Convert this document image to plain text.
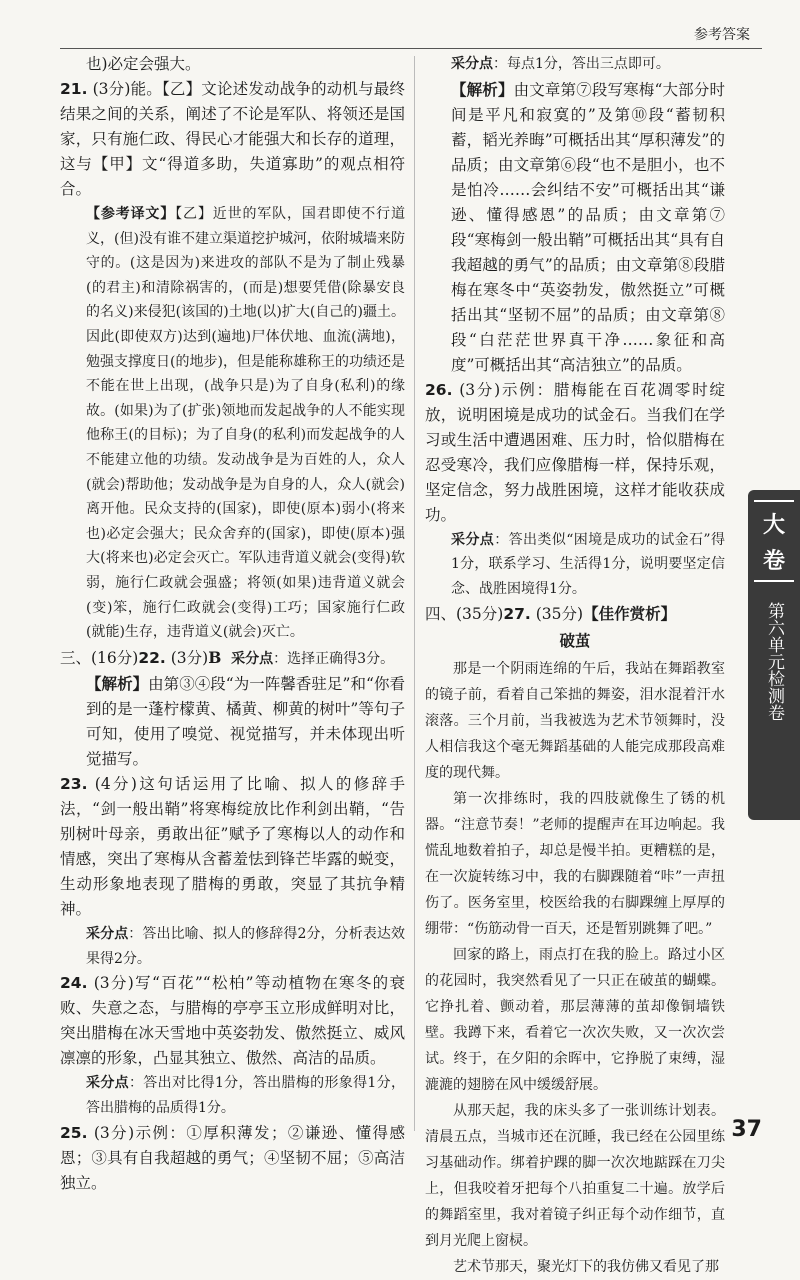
参考答案

也)必定会强大。

21. (3分)能。【乙】文论述发动战争的动机与最终结果之间的关系，阐述了不论是军队、将领还是国家，只有施仁政、得民心才能强大和长存的道理，这与【甲】文“得道多助，失道寡助”的观点相符合。

【参考译文】【乙】近世的军队，国君即使不行道义，(但)没有谁不建立渠道挖护城河，依附城墙来防守的。(这是因为)来进攻的部队不是为了制止残暴(的君主)和清除祸害的，(而是)想要凭借(除暴安良的名义)来侵犯(该国的)土地(以)扩大(自己的)疆土。因此(即使双方)达到(遍地)尸体伏地、血流(满地)，勉强支撑度日(的地步)，但是能称雄称王的功绩还是不能在世上出现，(战争只是)为了自身(私利)的缘故。(如果)为了(扩张)领地而发起战争的人不能实现他称王(的目标)；为了自身(的私利)而发起战争的人不能建立他的功绩。发动战争是为百姓的人，众人(就会)帮助他；发动战争是为自身的人，众人(就会)离开他。民众支持的(国家)，即使(原本)弱小(将来也)必定会强大；民众舍弃的(国家)，即使(原本)强大(将来也)必定会灭亡。军队违背道义就会(变得)软弱，施行仁政就会强盛；将领(如果)违背道义就会(变)笨，施行仁政就会(变得)工巧；国家施行仁政(就能)生存，违背道义(就会)灭亡。

三、(16分)22. (3分)B 采分点：选择正确得3分。

【解析】由第③④段“为一阵馨香驻足”和“你看到的是一蓬柠檬黄、橘黄、柳黄的树叶”等句子可知，使用了嗅觉、视觉描写，并未体现出听觉描写。

23. (4分)这句话运用了比喻、拟人的修辞手法，“剑一般出鞘”将寒梅绽放比作利剑出鞘，“告别树叶母亲，勇敢出征”赋予了寒梅以人的动作和情感，突出了寒梅从含蓄羞怯到锋芒毕露的蜕变，生动形象地表现了腊梅的勇敢，突显了其抗争精神。

采分点：答出比喻、拟人的修辞得2分，分析表达效果得2分。

24. (3分)写“百花”“松柏”等动植物在寒冬的衰败、失意之态，与腊梅的亭亭玉立形成鲜明对比，突出腊梅在冰天雪地中英姿勃发、傲然挺立、威风凛凛的形象，凸显其独立、傲然、高洁的品质。

采分点：答出对比得1分，答出腊梅的形象得1分，答出腊梅的品质得1分。

25. (3分)示例：①厚积薄发；②谦逊、懂得感恩；③具有自我超越的勇气；④坚韧不屈；⑤高洁独立。

采分点：每点1分，答出三点即可。

【解析】由文章第⑦段写寒梅“大部分时间是平凡和寂寞的”及第⑩段“蓄韧积蓄，韬光养晦”可概括出其“厚积薄发”的品质；由文章第⑥段“也不是胆小，也不是怕冷……会纠结不安”可概括出其“谦逊、懂得感恩”的品质；由文章第⑦段“寒梅剑一般出鞘”可概括出其“具有自我超越的勇气”的品质；由文章第⑧段腊梅在寒冬中“英姿勃发，傲然挺立”可概括出其“坚韧不屈”的品质；由文章第⑧段“白茫茫世界真干净……象征和高度”可概括出其“高洁独立”的品质。

26. (3分)示例：腊梅能在百花凋零时绽放，说明困境是成功的试金石。当我们在学习或生活中遭遇困难、压力时，恰似腊梅在忍受寒冷，我们应像腊梅一样，保持乐观，坚定信念，努力战胜困境，这样才能收获成功。

采分点：答出类似“困境是成功的试金石”得1分，联系学习、生活得1分，说明要坚定信念、战胜困境得1分。

四、(35分)27. (35分)【佳作赏析】

破茧

那是一个阴雨连绵的午后，我站在舞蹈教室的镜子前，看着自己笨拙的舞姿，泪水混着汗水滚落。三个月前，当我被选为艺术节领舞时，没人相信我这个毫无舞蹈基础的人能完成那段高难度的现代舞。

第一次排练时，我的四肢就像生了锈的机器。“注意节奏！”老师的提醒声在耳边响起。我慌乱地数着拍子，却总是慢半拍。更糟糕的是，在一次旋转练习中，我的右脚踝随着“咔”一声扭伤了。医务室里，校医给我的右脚踝缠上厚厚的绷带：“伤筋动骨一百天，还是暂别跳舞了吧。”

回家的路上，雨点打在我的脸上。路过小区的花园时，我突然看见了一只正在破茧的蝴蝶。它挣扎着、颤动着，那层薄薄的茧却像铜墙铁壁。我蹲下来，看着它一次次失败，又一次次尝试。终于，在夕阳的余晖中，它挣脱了束缚，湿漉漉的翅膀在风中缓缓舒展。

从那天起，我的床头多了一张训练计划表。清晨五点，当城市还在沉睡，我已经在公园里练习基础动作。绑着护踝的脚一次次地踮踩在刀尖上，但我咬着牙把每个八拍重复二十遍。放学后的舞蹈室里，我对着镜子纠正每个动作细节，直到月光爬上窗棂。

艺术节那天，聚光灯下的我仿佛又看见了那

大
卷
第六单元检测卷
37
